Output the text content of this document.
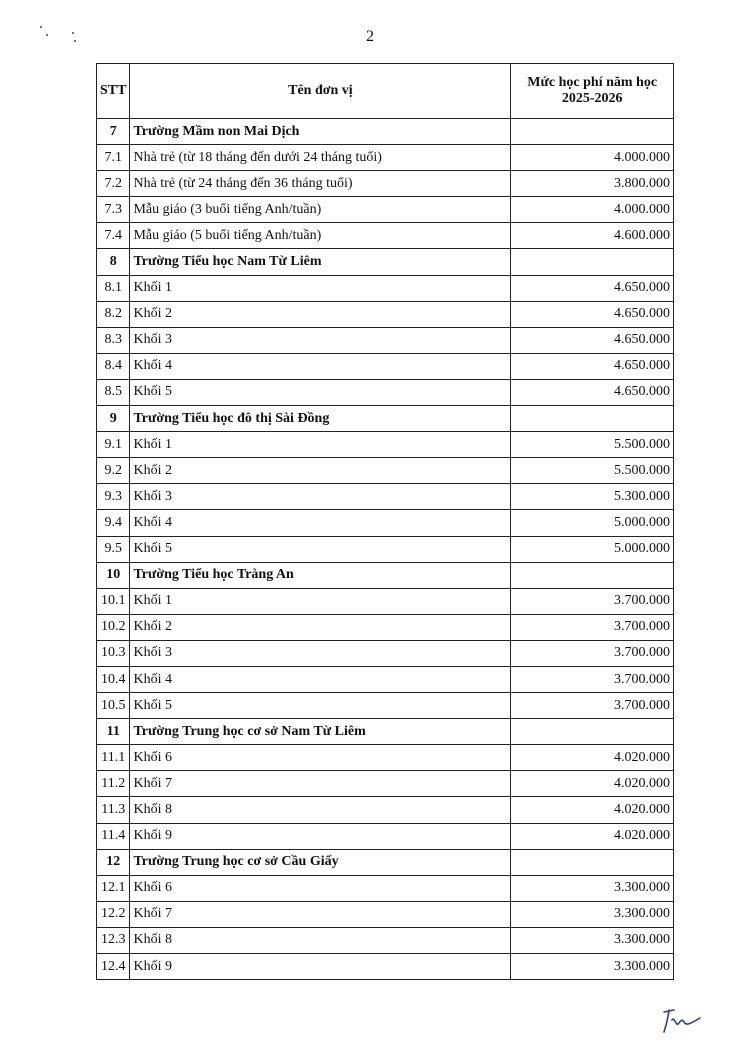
2
STT	Tên đơn vị	Mức học phí năm học
2025-2026
7	Trường Mầm non Mai Dịch	
7.1	Nhà trẻ (từ 18 tháng đến dưới 24 tháng tuổi)	4.000.000
7.2	Nhà trẻ (từ 24 tháng đến 36 tháng tuổi)	3.800.000
7.3	Mẫu giáo (3 buổi tiếng Anh/tuần)	4.000.000
7.4	Mẫu giáo (5 buổi tiếng Anh/tuần)	4.600.000
8	Trường Tiểu học Nam Từ Liêm	
8.1	Khối 1	4.650.000
8.2	Khối 2	4.650.000
8.3	Khối 3	4.650.000
8.4	Khối 4	4.650.000
8.5	Khối 5	4.650.000
9	Trường Tiểu học đô thị Sài Đồng	
9.1	Khối 1	5.500.000
9.2	Khối 2	5.500.000
9.3	Khối 3	5.300.000
9.4	Khối 4	5.000.000
9.5	Khối 5	5.000.000
10	Trường Tiểu học Tràng An	
10.1	Khối 1	3.700.000
10.2	Khối 2	3.700.000
10.3	Khối 3	3.700.000
10.4	Khối 4	3.700.000
10.5	Khối 5	3.700.000
11	Trường Trung học cơ sở Nam Từ Liêm	
11.1	Khối 6	4.020.000
11.2	Khối 7	4.020.000
11.3	Khối 8	4.020.000
11.4	Khối 9	4.020.000
12	Trường Trung học cơ sở Cầu Giấy	
12.1	Khối 6	3.300.000
12.2	Khối 7	3.300.000
12.3	Khối 8	3.300.000
12.4	Khối 9	3.300.000
